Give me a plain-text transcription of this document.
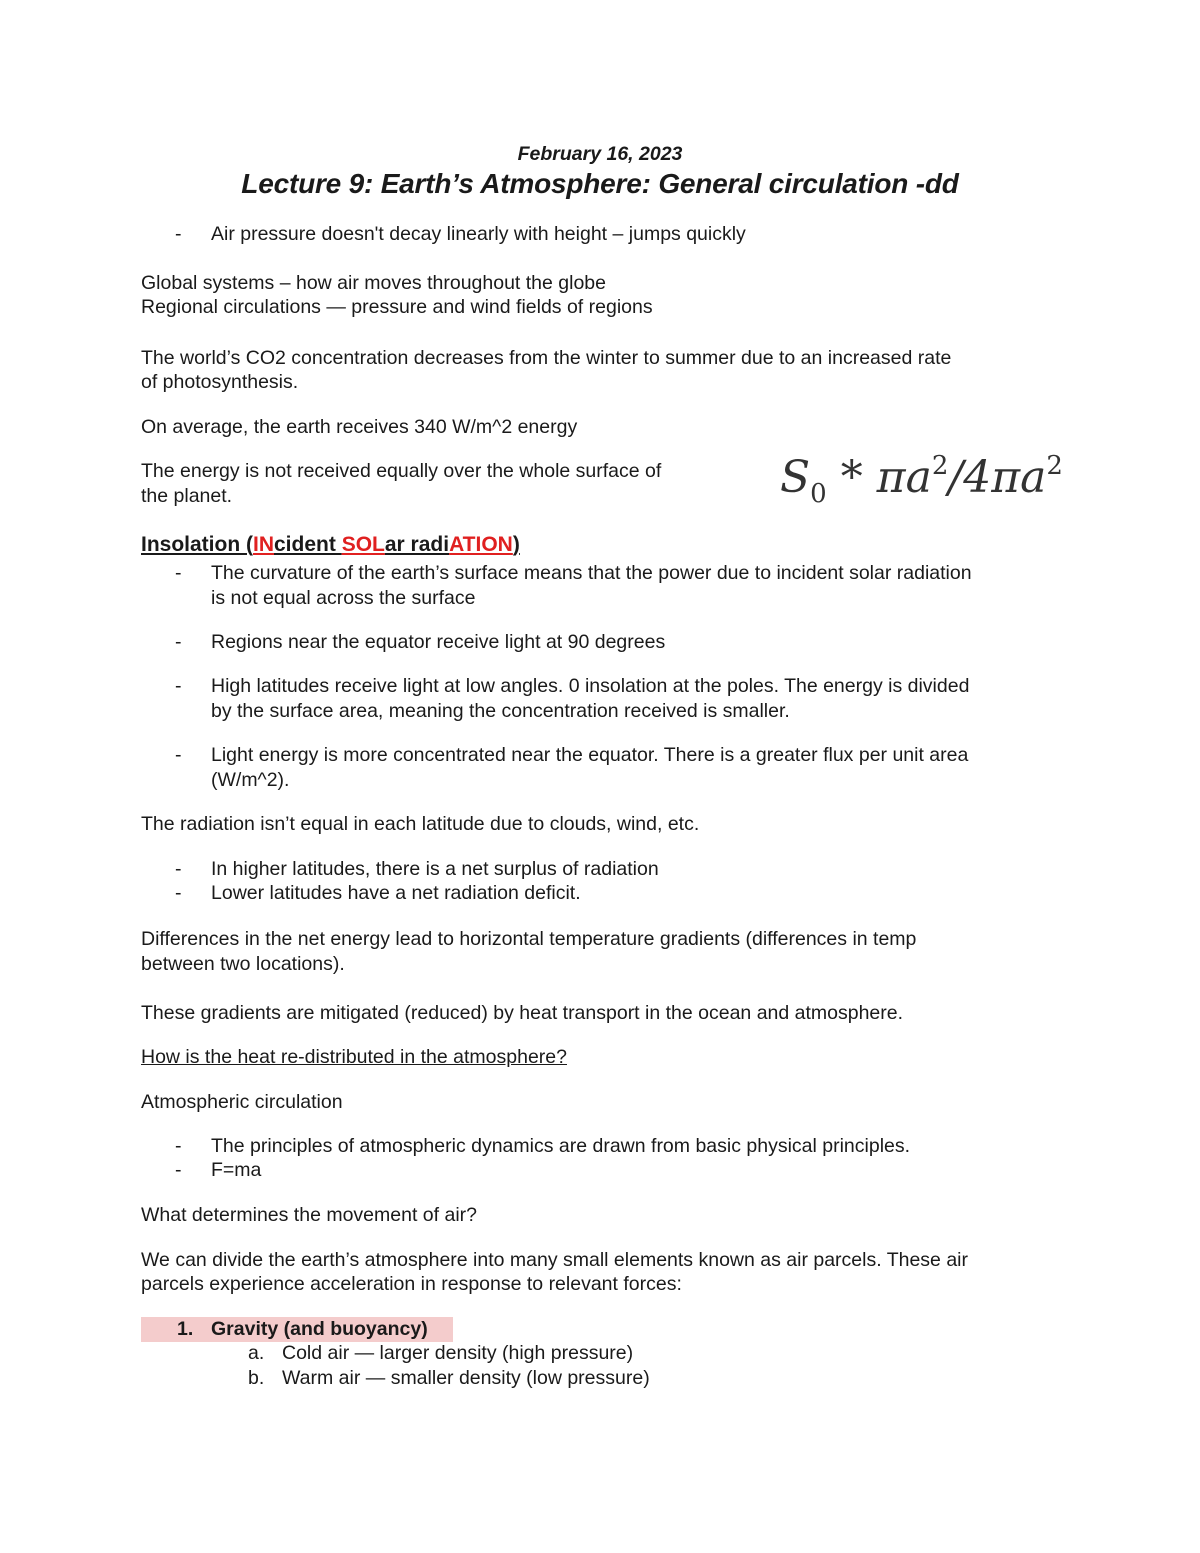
February 16, 2023
Lecture 9: Earth’s Atmosphere: General circulation -dd
- Air pressure doesn't decay linearly with height – jumps quickly
Global systems – how air moves throughout the globe
Regional circulations — pressure and wind fields of regions
The world’s CO2 concentration decreases from the winter to summer due to an increased rate
of photosynthesis.
On average, the earth receives 340 W/m^2 energy
The energy is not received equally over the whole surface of
the planet.	$S_0 * \pi a^2/4\pi a^2$
Insolation (INcident SOLar radiATION)
- The curvature of the earth’s surface means that the power due to incident solar radiation
is not equal across the surface
- Regions near the equator receive light at 90 degrees
- High latitudes receive light at low angles. 0 insolation at the poles. The energy is divided
by the surface area, meaning the concentration received is smaller.
- Light energy is more concentrated near the equator. There is a greater flux per unit area
(W/m^2).
The radiation isn’t equal in each latitude due to clouds, wind, etc.
- In higher latitudes, there is a net surplus of radiation
- Lower latitudes have a net radiation deficit.
Differences in the net energy lead to horizontal temperature gradients (differences in temp
between two locations).
These gradients are mitigated (reduced) by heat transport in the ocean and atmosphere.
How is the heat re-distributed in the atmosphere?
Atmospheric circulation
- The principles of atmospheric dynamics are drawn from basic physical principles.
- F=ma
What determines the movement of air?
We can divide the earth’s atmosphere into many small elements known as air parcels. These air
parcels experience acceleration in response to relevant forces:
1. Gravity (and buoyancy)
a. Cold air — larger density (high pressure)
b. Warm air — smaller density (low pressure)
